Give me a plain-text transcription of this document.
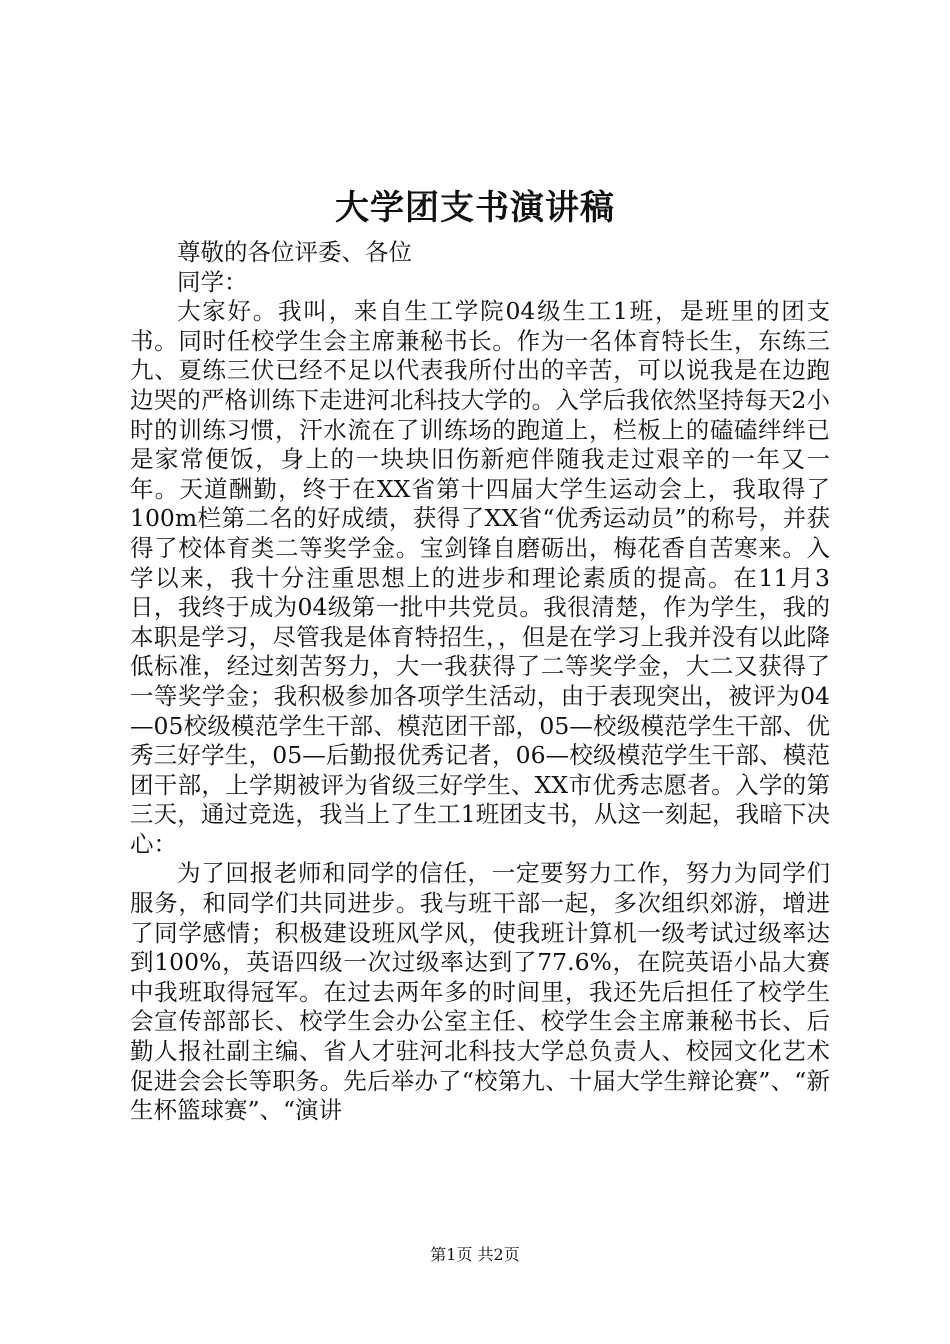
大学团支书演讲稿

尊敬的各位评委、各位

同学：

大家好。我叫，来自生工学院04级生工1班，是班里的团支书。同时任校学生会主席兼秘书长。作为一名体育特长生，东练三九、夏练三伏已经不足以代表我所付出的辛苦，可以说我是在边跑边哭的严格训练下走进河北科技大学的。入学后我依然坚持每天2小时的训练习惯，汗水流在了训练场的跑道上，栏板上的磕磕绊绊已是家常便饭，身上的一块块旧伤新疤伴随我走过艰辛的一年又一年。天道酬勤，终于在XX省第十四届大学生运动会上，我取得了100m栏第二名的好成绩，获得了XX省“优秀运动员”的称号，并获得了校体育类二等奖学金。宝剑锋自磨砺出，梅花香自苦寒来。入学以来，我十分注重思想上的进步和理论素质的提高。在11月3日，我终于成为04级第一批中共党员。我很清楚，作为学生，我的本职是学习，尽管我是体育特招生，，但是在学习上我并没有以此降低标准，经过刻苦努力，大一我获得了二等奖学金，大二又获得了一等奖学金；我积极参加各项学生活动，由于表现突出，被评为04—05校级模范学生干部、模范团干部，05—校级模范学生干部、优秀三好学生，05—后勤报优秀记者，06—校级模范学生干部、模范团干部，上学期被评为省级三好学生、XX市优秀志愿者。入学的第三天，通过竞选，我当上了生工1班团支书，从这一刻起，我暗下决心：

为了回报老师和同学的信任，一定要努力工作，努力为同学们服务，和同学们共同进步。我与班干部一起，多次组织郊游，增进了同学感情；积极建设班风学风，使我班计算机一级考试过级率达到100%，英语四级一次过级率达到了77.6%，在院英语小品大赛中我班取得冠军。在过去两年多的时间里，我还先后担任了校学生会宣传部部长、校学生会办公室主任、校学生会主席兼秘书长、后勤人报社副主编、省人才驻河北科技大学总负责人、校园文化艺术促进会会长等职务。先后举办了“校第九、十届大学生辩论赛”、“新生杯篮球赛”、“演讲

第1页 共2页
